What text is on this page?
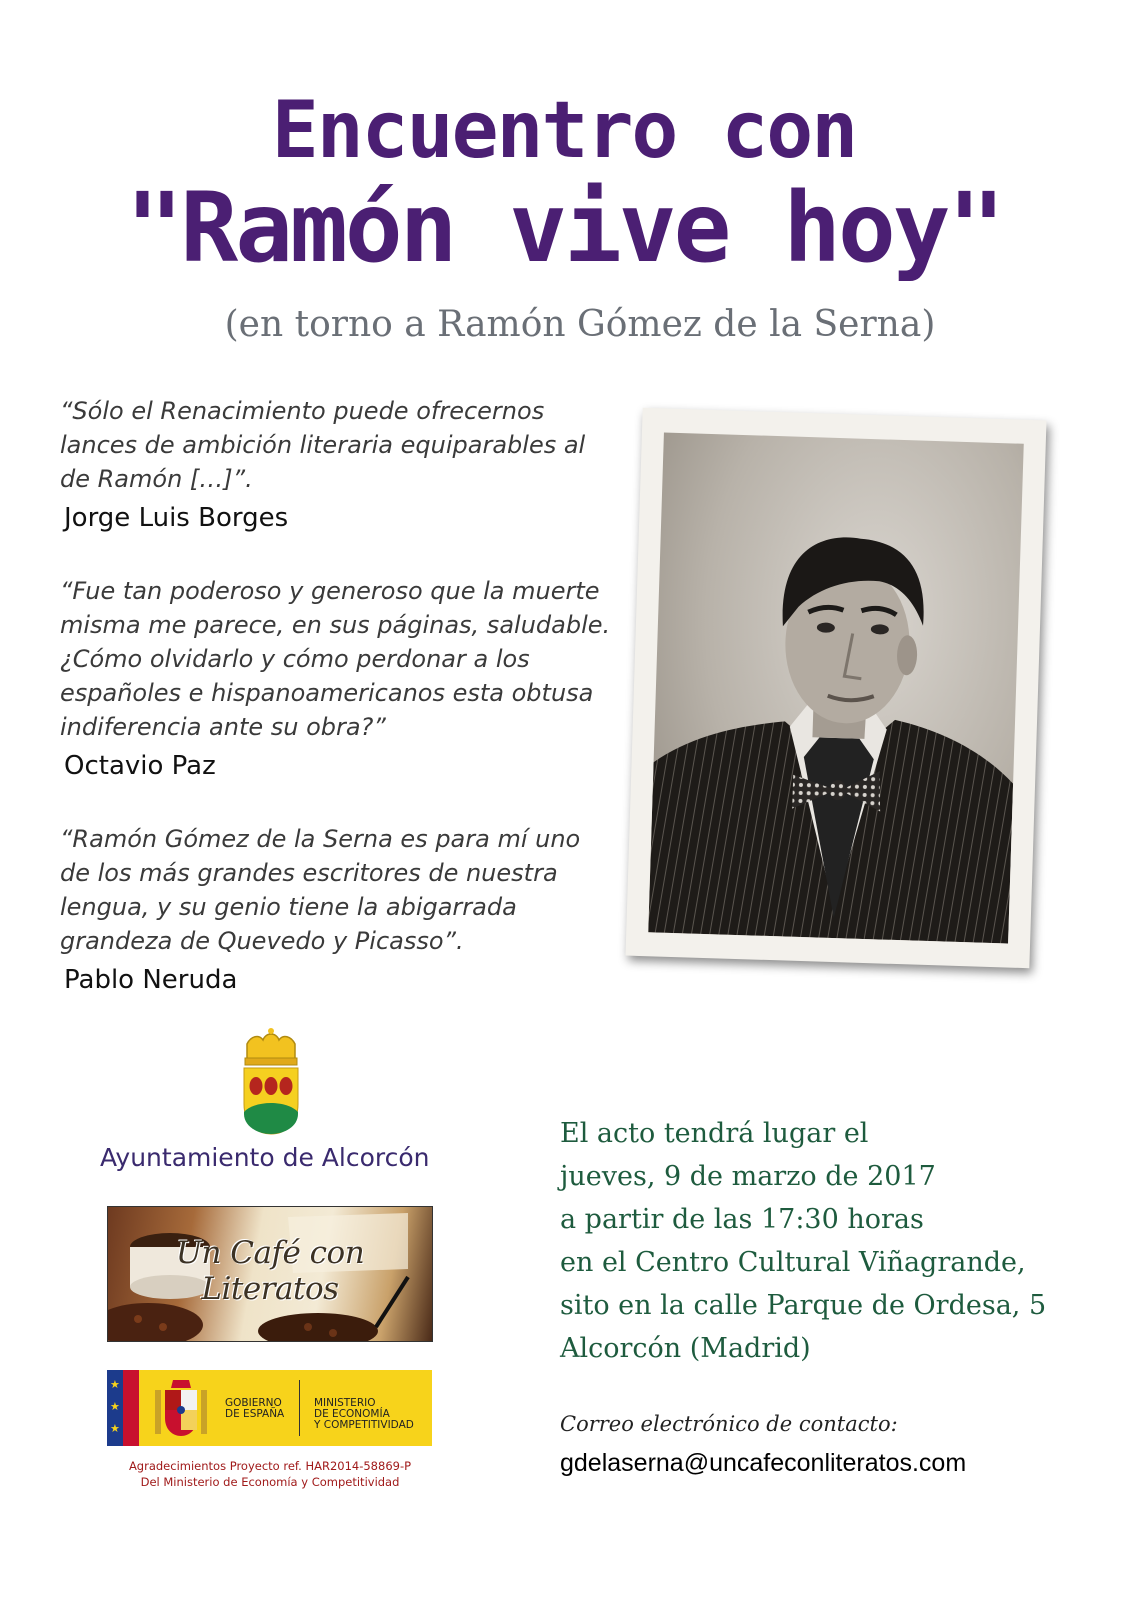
Encuentro con
"Ramón vive hoy"
(en torno a Ramón Gómez de la Serna)
“Sólo el Renacimiento puede ofrecernos
lances de ambición literaria equiparables al
de Ramón […]”.
Jorge Luis Borges
“Fue tan poderoso y generoso que la muerte
misma me parece, en sus páginas, saludable.
¿Cómo olvidarlo y cómo perdonar a los
españoles e hispanoamericanos esta obtusa
indiferencia ante su obra?”
Octavio Paz
“Ramón Gómez de la Serna es para mí uno
de los más grandes escritores de nuestra
lengua, y su genio tiene la abigarrada
grandeza de Quevedo y Picasso”.
Pablo Neruda
Ayuntamiento de Alcorcón
Un Café con Literatos
★
★
★
GOBIERNO
DE ESPAÑA
MINISTERIO
DE ECONOMÍA
Y COMPETITIVIDAD
Agradecimientos Proyecto ref. HAR2014-58869-P
Del Ministerio de Economía y Competitividad
El acto tendrá lugar el
jueves, 9 de marzo de 2017
a partir de las 17:30 horas
en el Centro Cultural Viñagrande,
sito en la calle Parque de Ordesa, 5
Alcorcón (Madrid)
Correo electrónico de contacto:
gdelaserna@uncafeconliteratos.com
